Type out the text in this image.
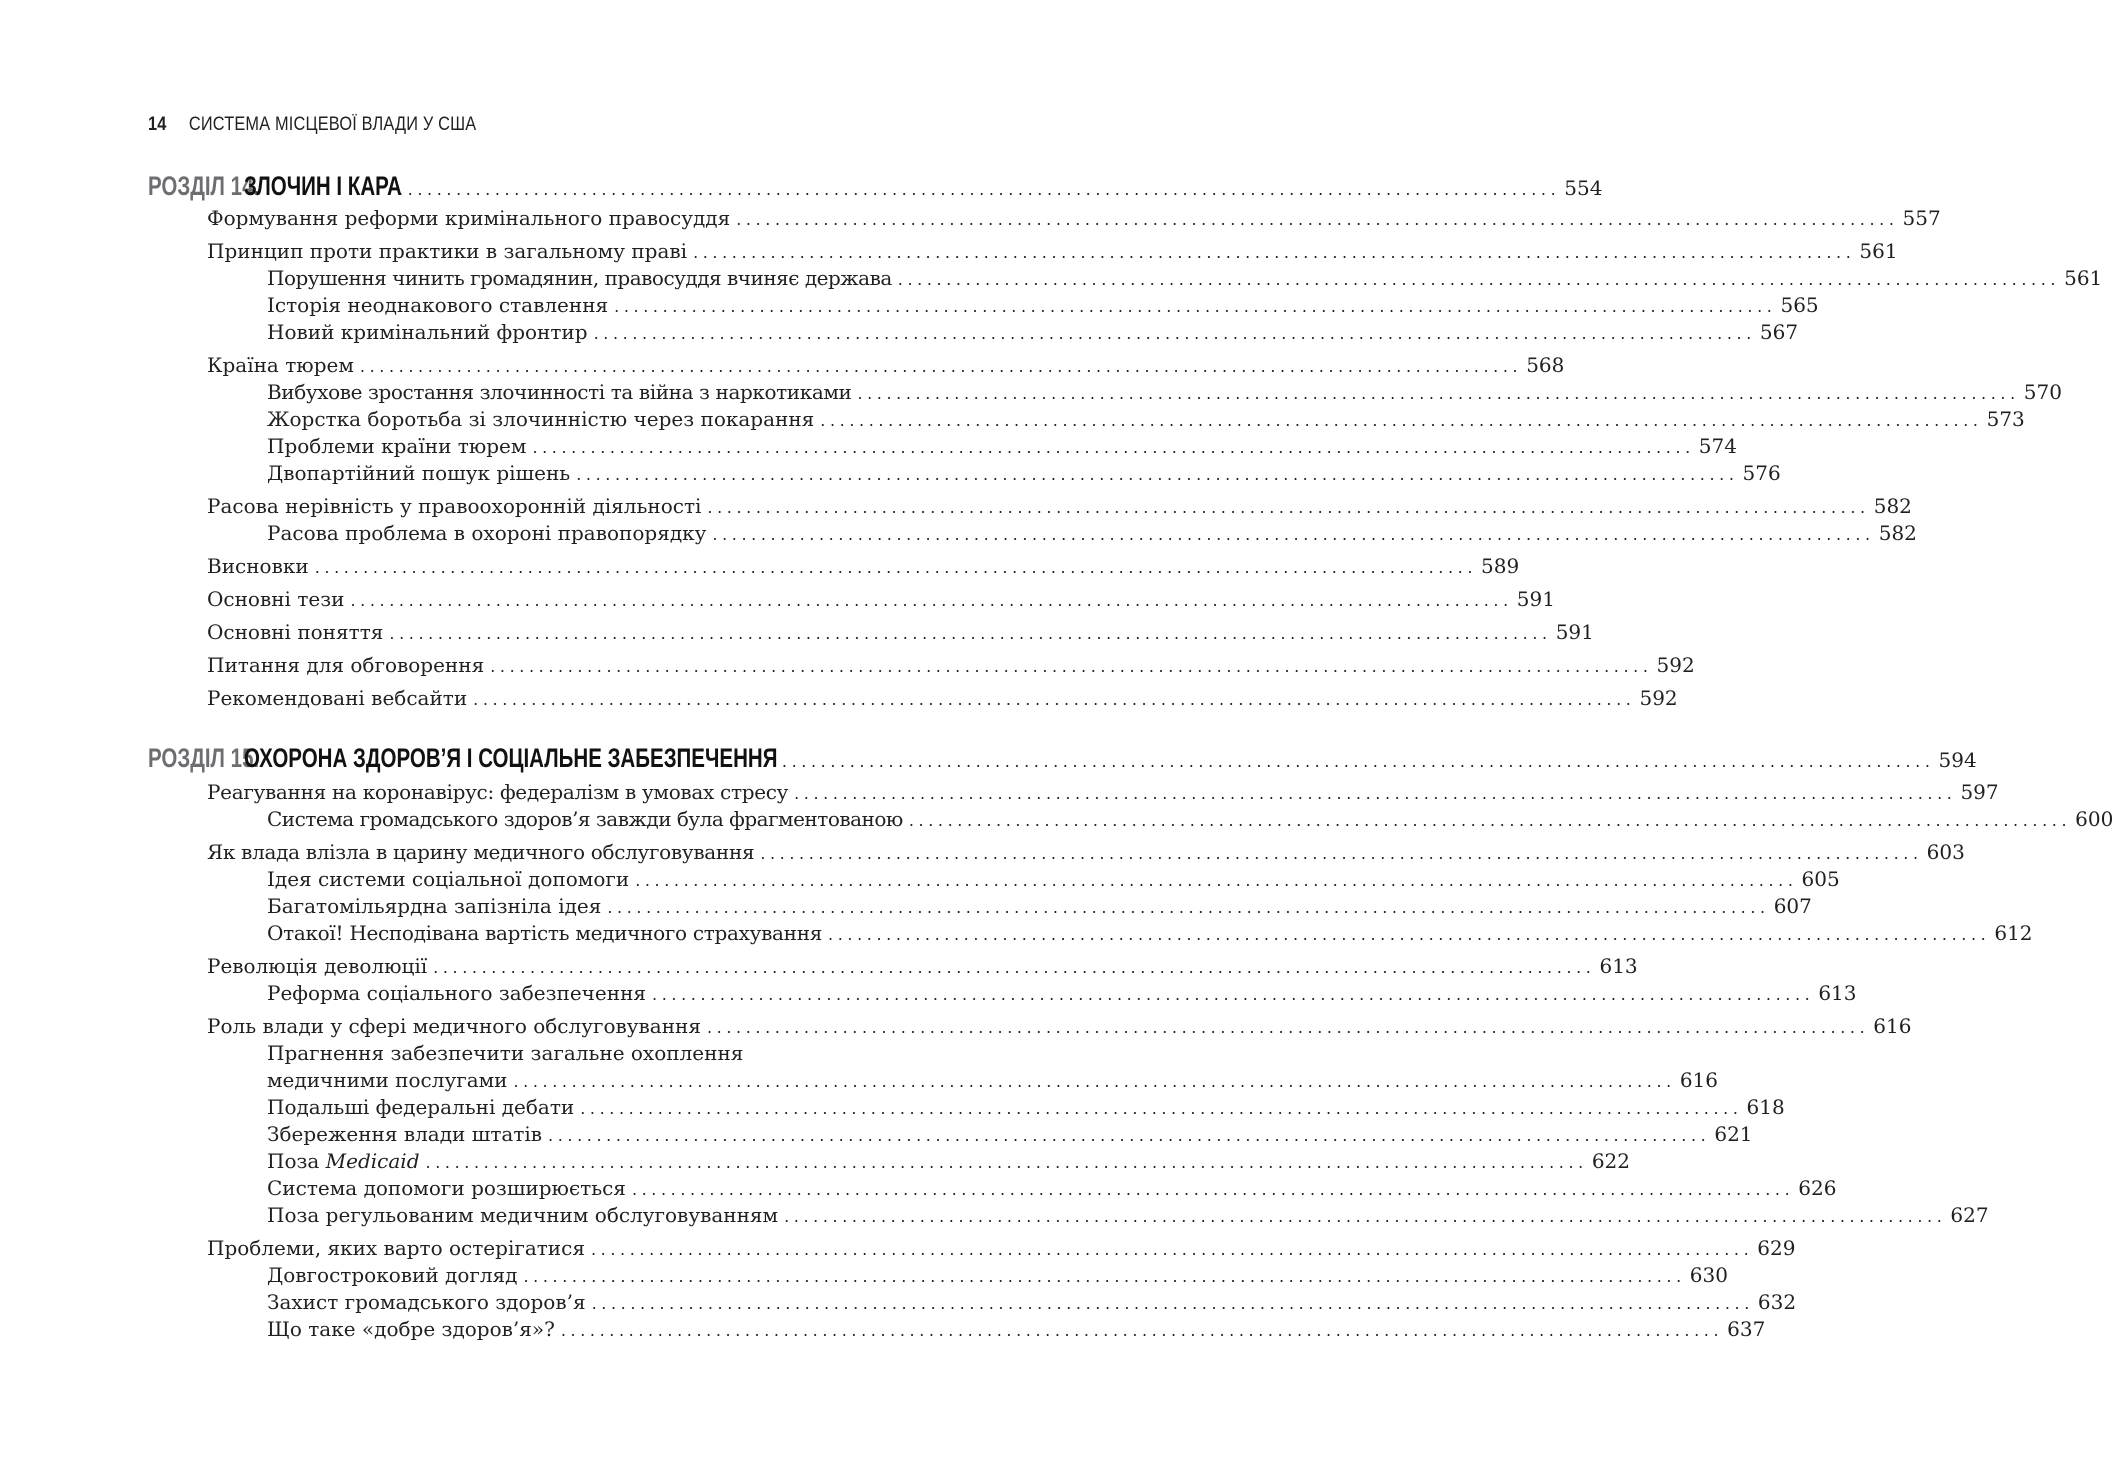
14 СИСТЕМА МІСЦЕВОЇ ВЛАДИ У США
РОЗДІЛ 14.
ЗЛОЧИН І КАРА
........................................................................................................................ 554
Формування реформи кримінального правосуддя ........................................................................................................................ 557
Принцип проти практики в загальному праві ........................................................................................................................ 561
Порушення чинить громадянин, правосуддя вчиняє держава ........................................................................................................................ 561
Історія неоднакового ставлення ........................................................................................................................ 565
Новий кримінальний фронтир ........................................................................................................................ 567
Країна тюрем ........................................................................................................................ 568
Вибухове зростання злочинності та війна з наркотиками ........................................................................................................................ 570
Жорстка боротьба зі злочинністю через покарання ........................................................................................................................ 573
Проблеми країни тюрем ........................................................................................................................ 574
Двопартійний пошук рішень ........................................................................................................................ 576
Расова нерівність у правоохоронній діяльності ........................................................................................................................ 582
Расова проблема в охороні правопорядку ........................................................................................................................ 582
Висновки ........................................................................................................................ 589
Основні тези ........................................................................................................................ 591
Основні поняття ........................................................................................................................ 591
Питання для обговорення ........................................................................................................................ 592
Рекомендовані вебсайти ........................................................................................................................ 592
РОЗДІЛ 15.
ОХОРОНА ЗДОРОВ’Я І СОЦІАЛЬНЕ ЗАБЕЗПЕЧЕННЯ
........................................................................................................................ 594
Реагування на коронавірус: федералізм в умовах стресу ........................................................................................................................ 597
Система громадського здоров’я завжди була фрагментованою ........................................................................................................................ 600
Як влада влізла в царину медичного обслуговування ........................................................................................................................ 603
Ідея системи соціальної допомоги ........................................................................................................................ 605
Багатомільярдна запізніла ідея ........................................................................................................................ 607
Отакої! Несподівана вартість медичного страхування ........................................................................................................................ 612
Революція деволюції ........................................................................................................................ 613
Реформа соціального забезпечення ........................................................................................................................ 613
Роль влади у сфері медичного обслуговування ........................................................................................................................ 616
Прагнення забезпечити загальне охоплення
медичними послугами ........................................................................................................................ 616
Подальші федеральні дебати ........................................................................................................................ 618
Збереження влади штатів ........................................................................................................................ 621
Поза Medicaid ........................................................................................................................ 622
Система допомоги розширюється ........................................................................................................................ 626
Поза регульованим медичним обслуговуванням ........................................................................................................................ 627
Проблеми, яких варто остерігатися ........................................................................................................................ 629
Довгостроковий догляд ........................................................................................................................ 630
Захист громадського здоров’я ........................................................................................................................ 632
Що таке «добре здоров’я»? ........................................................................................................................ 637
